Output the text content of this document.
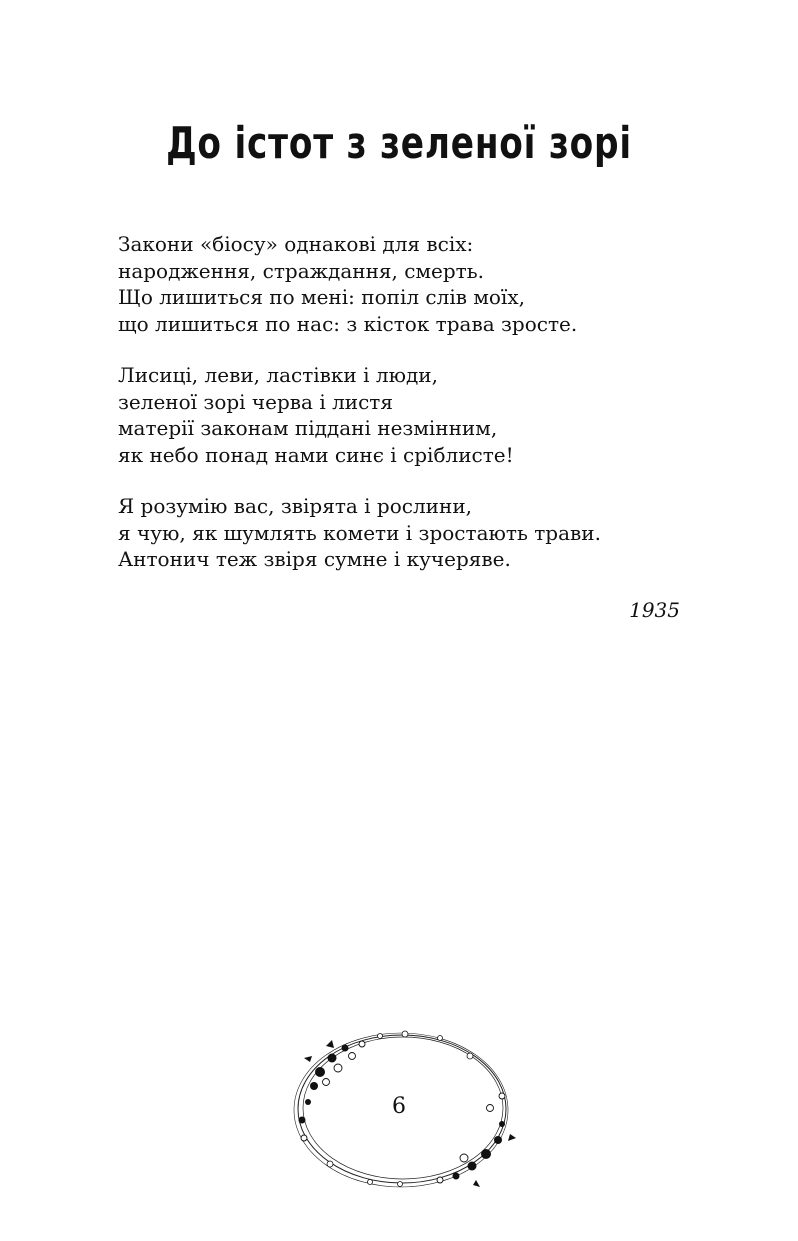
До істот з зеленої зорі

Закони «біосу» однакові для всіх:
народження, страждання, смерть.
Що лишиться по мені: попіл слів моїх,
що лишиться по нас: з кісток трава зросте.

Лисиці, леви, ластівки і люди,
зеленої зорі черва і листя
матерії законам піддані незмінним,
як небо понад нами синє і сріблисте!

Я розумію вас, звірята і рослини,
я чую, як шумлять комети і зростають трави.
Антонич теж звіря сумне і кучеряве.

1935
6
